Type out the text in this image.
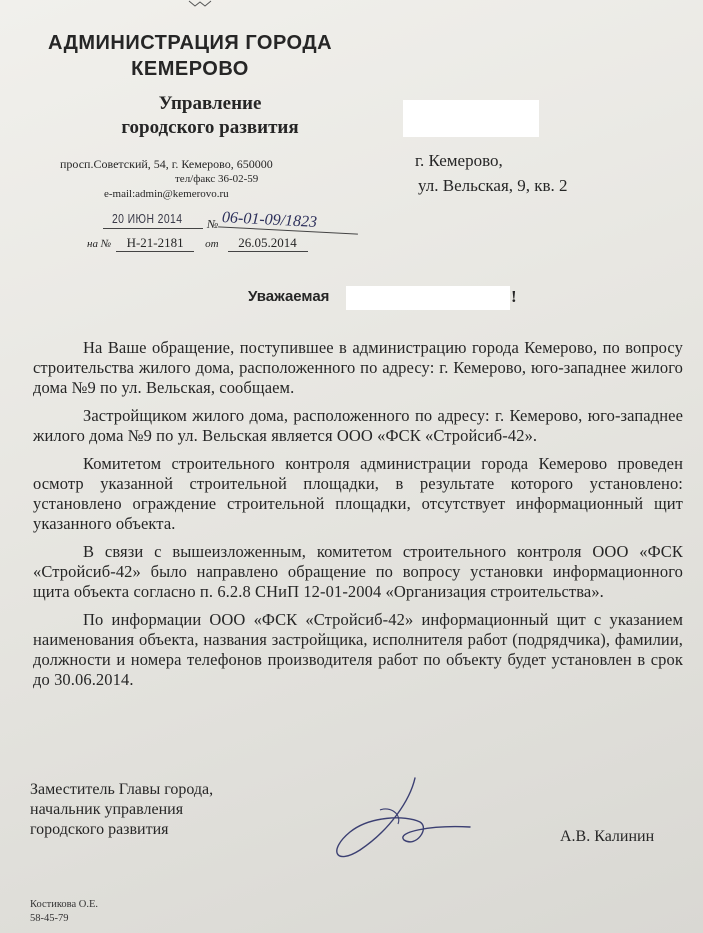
АДМИНИСТРАЦИЯ ГОРОДА
КЕМЕРОВО
Управление
городского развития
просп.Советский, 54, г. Кемерово, 650000
тел/факс 36-02-59
e-mail:admin@kemerovo.ru
г. Кемерово,
ул. Вельская, 9, кв. 2
20 ИЮН 2014 № 06-01-09/1823
на № Н-21-2181 от 26.05.2014
Уважаемая	!

На Ваше обращение, поступившее в администрацию города Кемерово, по вопросу строительства жилого дома, расположенного по адресу: г. Кемерово, юго-западнее жилого дома №9 по ул. Вельская, сообщаем.

Застройщиком жилого дома, расположенного по адресу: г. Кемерово, юго-западнее жилого дома №9 по ул. Вельская является ООО «ФСК «Стройсиб-42».

Комитетом строительного контроля администрации города Кемерово проведен осмотр указанной строительной площадки, в результате которого установлено: установлено ограждение строительной площадки, отсутствует информационный щит указанного объекта.

В связи с вышеизложенным, комитетом строительного контроля ООО «ФСК «Стройсиб-42» было направлено обращение по вопросу установки информационного щита объекта согласно п. 6.2.8 СНиП 12-01-2004 «Организация строительства».

По информации ООО «ФСК «Стройсиб-42» информационный щит с указанием наименования объекта, названия застройщика, исполнителя работ (подрядчика), фамилии, должности и номера телефонов производителя работ по объекту будет установлен в срок до 30.06.2014.

Заместитель Главы города,
начальник управления
городского развития	А.В. Калинин
Костикова О.Е.
58-45-79
